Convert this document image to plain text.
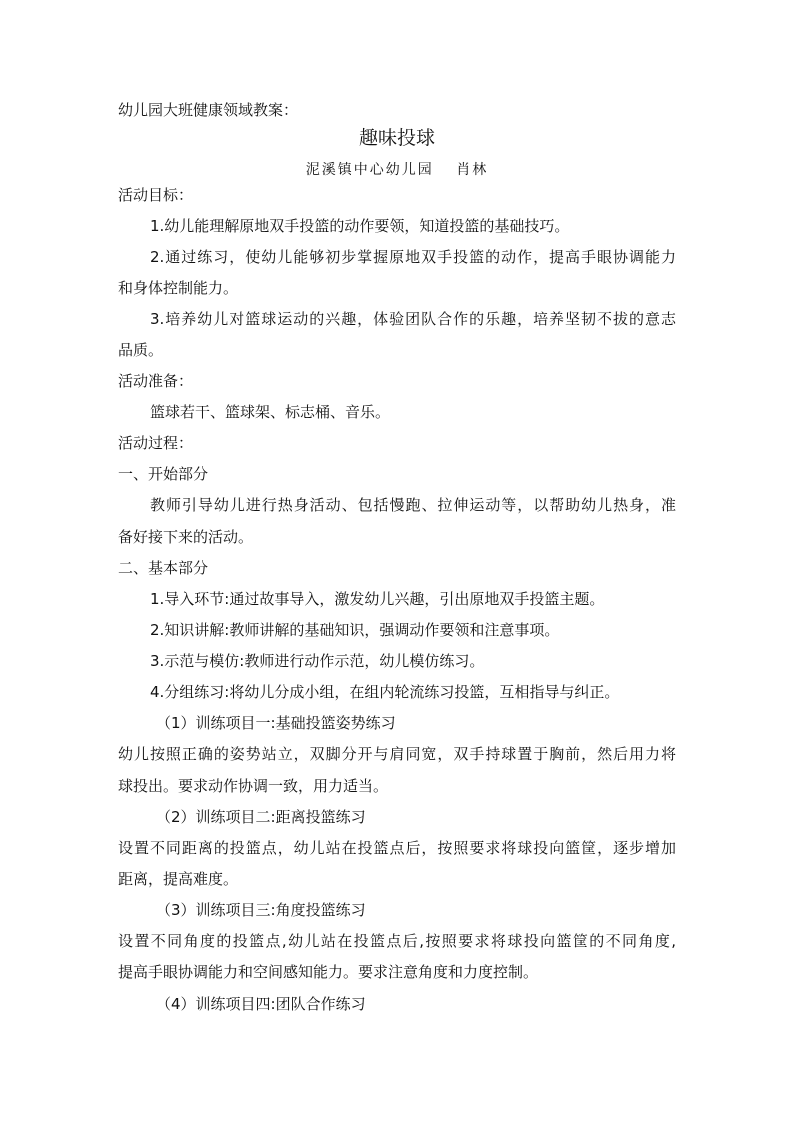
幼儿园大班健康领域教案：
趣味投球
泥溪镇中心幼儿园　 肖林
活动目标：
1.幼儿能理解原地双手投篮的动作要领，知道投篮的基础技巧。
2.通过练习，使幼儿能够初步掌握原地双手投篮的动作，提高手眼协调能力
和身体控制能力。
3.培养幼儿对篮球运动的兴趣，体验团队合作的乐趣，培养坚韧不拔的意志
品质。
活动准备：
篮球若干、篮球架、标志桶、音乐。
活动过程：
一、开始部分
教师引导幼儿进行热身活动、包括慢跑、拉伸运动等，以帮助幼儿热身，准
备好接下来的活动。
二、基本部分
1.导入环节:通过故事导入，激发幼儿兴趣，引出原地双手投篮主题。
2.知识讲解:教师讲解的基础知识，强调动作要领和注意事项。
3.示范与模仿:教师进行动作示范，幼儿模仿练习。
4.分组练习:将幼儿分成小组，在组内轮流练习投篮，互相指导与纠正。
（1）训练项目一:基础投篮姿势练习
幼儿按照正确的姿势站立，双脚分开与肩同宽，双手持球置于胸前，然后用力将
球投出。要求动作协调一致，用力适当。
（2）训练项目二:距离投篮练习
设置不同距离的投篮点，幼儿站在投篮点后，按照要求将球投向篮筐，逐步增加
距离，提高难度。
（3）训练项目三:角度投篮练习
设置不同角度的投篮点,幼儿站在投篮点后,按照要求将球投向篮筐的不同角度,
提高手眼协调能力和空间感知能力。要求注意角度和力度控制。
（4）训练项目四:团队合作练习
